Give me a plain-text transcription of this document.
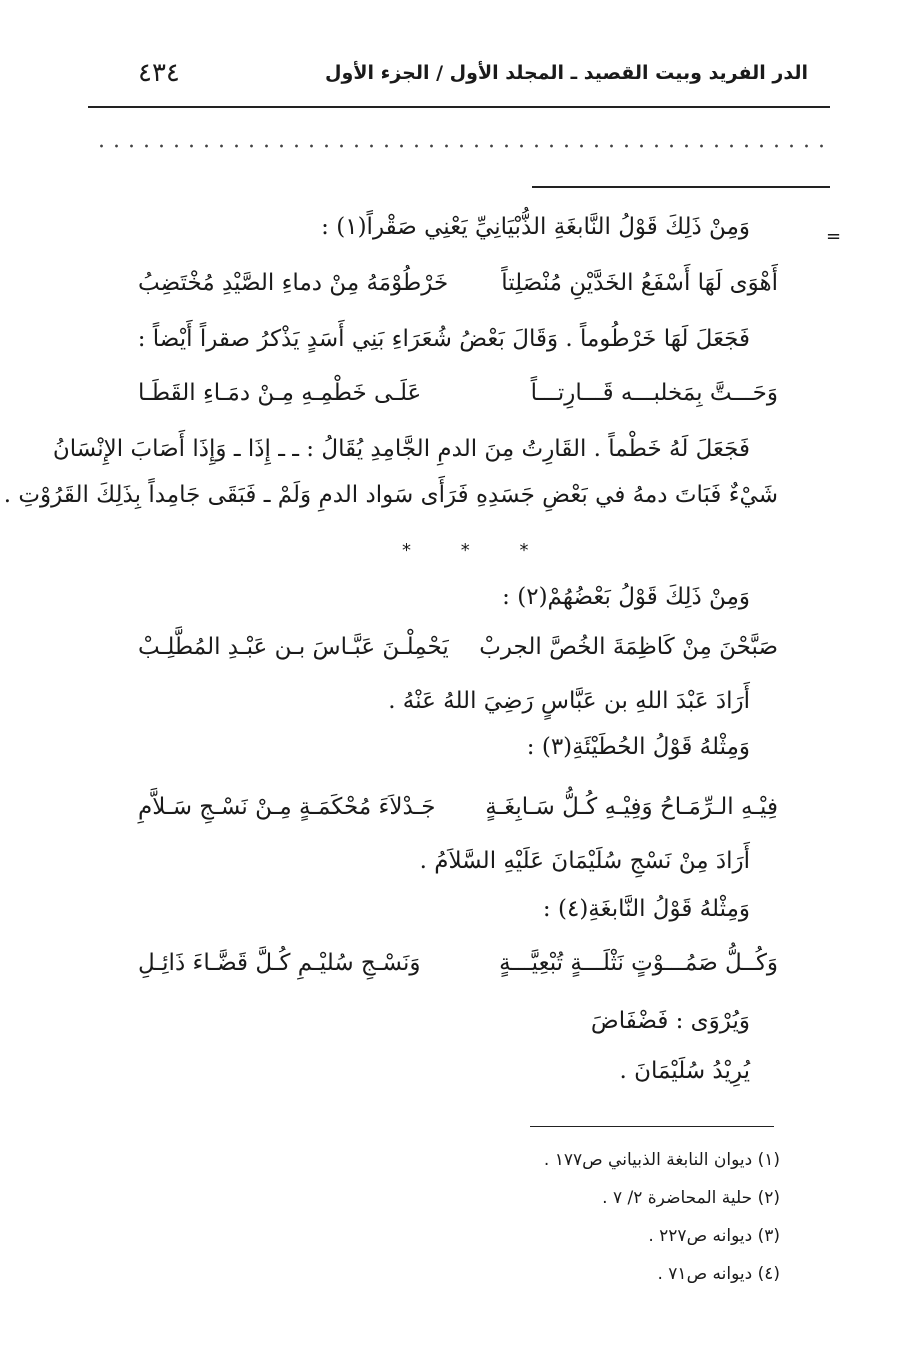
٤٣٤	الدر الفريد وبيت القصيد ـ المجلد الأول / الجزء الأول
=
وَمِنْ ذَلِكَ قَوْلُ النَّابغَةِ الذُّبْيَانِيِّ يَعْنِي صَقْراً(١) :
أَهْوَى لَهَا أَسْفَعُ الخَدَّيْنِ مُنْصَلِتاً
خَرْطُوْمَهُ مِنْ دماءِ الصَّيْدِ مُخْتَضِبُ
فَجَعَلَ لَهَا خَرْطُوماً . وَقَالَ بَعْضُ شُعَرَاءِ بَنِي أَسَدٍ يَذْكرُ صقراً أَيْضاً :
وَحَـــتَّ بِمَخلبـــه قَـــارِتـــاً
عَلَـى خَطْمِـهِ مِـنْ دمَـاءِ القَطَـا
فَجَعَلَ لَهُ خَطْماً . القَارِتُ مِنَ الدمِ الجَّامِدِ يُقَالُ : ـ ـ إِذَا ـ وَإِذَا أَصَابَ الإِنْسَانُ
شَيْءٌ فَبَاتَ دمهُ في بَعْضِ جَسَدِهِ فَرَأَى سَواد الدمِ وَلَمْ ـ فَبَقَى جَامِداً بِذَلِكَ القَرُوْتِ .
* * *
وَمِنْ ذَلِكَ قَوْلُ بَعْضُهُمْ(٢) :
صَبَّحْنَ مِنْ كَاظِمَةَ الخُصَّ الجربْ
يَحْمِلْـنَ عَبَّـاسَ بـن عَبْـدِ المُطَّلِـبْ
أَرَادَ عَبْدَ اللهِ بن عَبَّاسٍ رَضِيَ اللهُ عَنْهُ .
وَمِثْلهُ قَوْلُ الحُطَيْئَةِ(٣) :
فِيْـهِ الـرِّمَـاحُ وَفِيْـهِ كُـلُّ سَـابِغَـةٍ
جَـدْلاَءَ مُحْكَمَـةٍ مِـنْ نَسْـجِ سَـلاَّمِ
أَرَادَ مِنْ نَسْجِ سُلَيْمَانَ عَلَيْهِ السَّلاَمُ .
وَمِثْلهُ قَوْلُ النَّابغَةِ(٤) :
وَكُــلُّ صَمُـــوْتٍ نَثْلَـــةٍ تُبْعِيَّـــةٍ
وَنَسْـجِ سُليْـمِ كُـلَّ قَضَّـاءَ ذَائِـلِ
وَيُرْوَى : فَضْفَاضَ
يُرِيْدُ سُلَيْمَانَ .
(١) ديوان النابغة الذبياني ص١٧٧ .
(٢) حلية المحاضرة ٢/ ٧ .
(٣) ديوانه ص٢٢٧ .
(٤) ديوانه ص٧١ .
